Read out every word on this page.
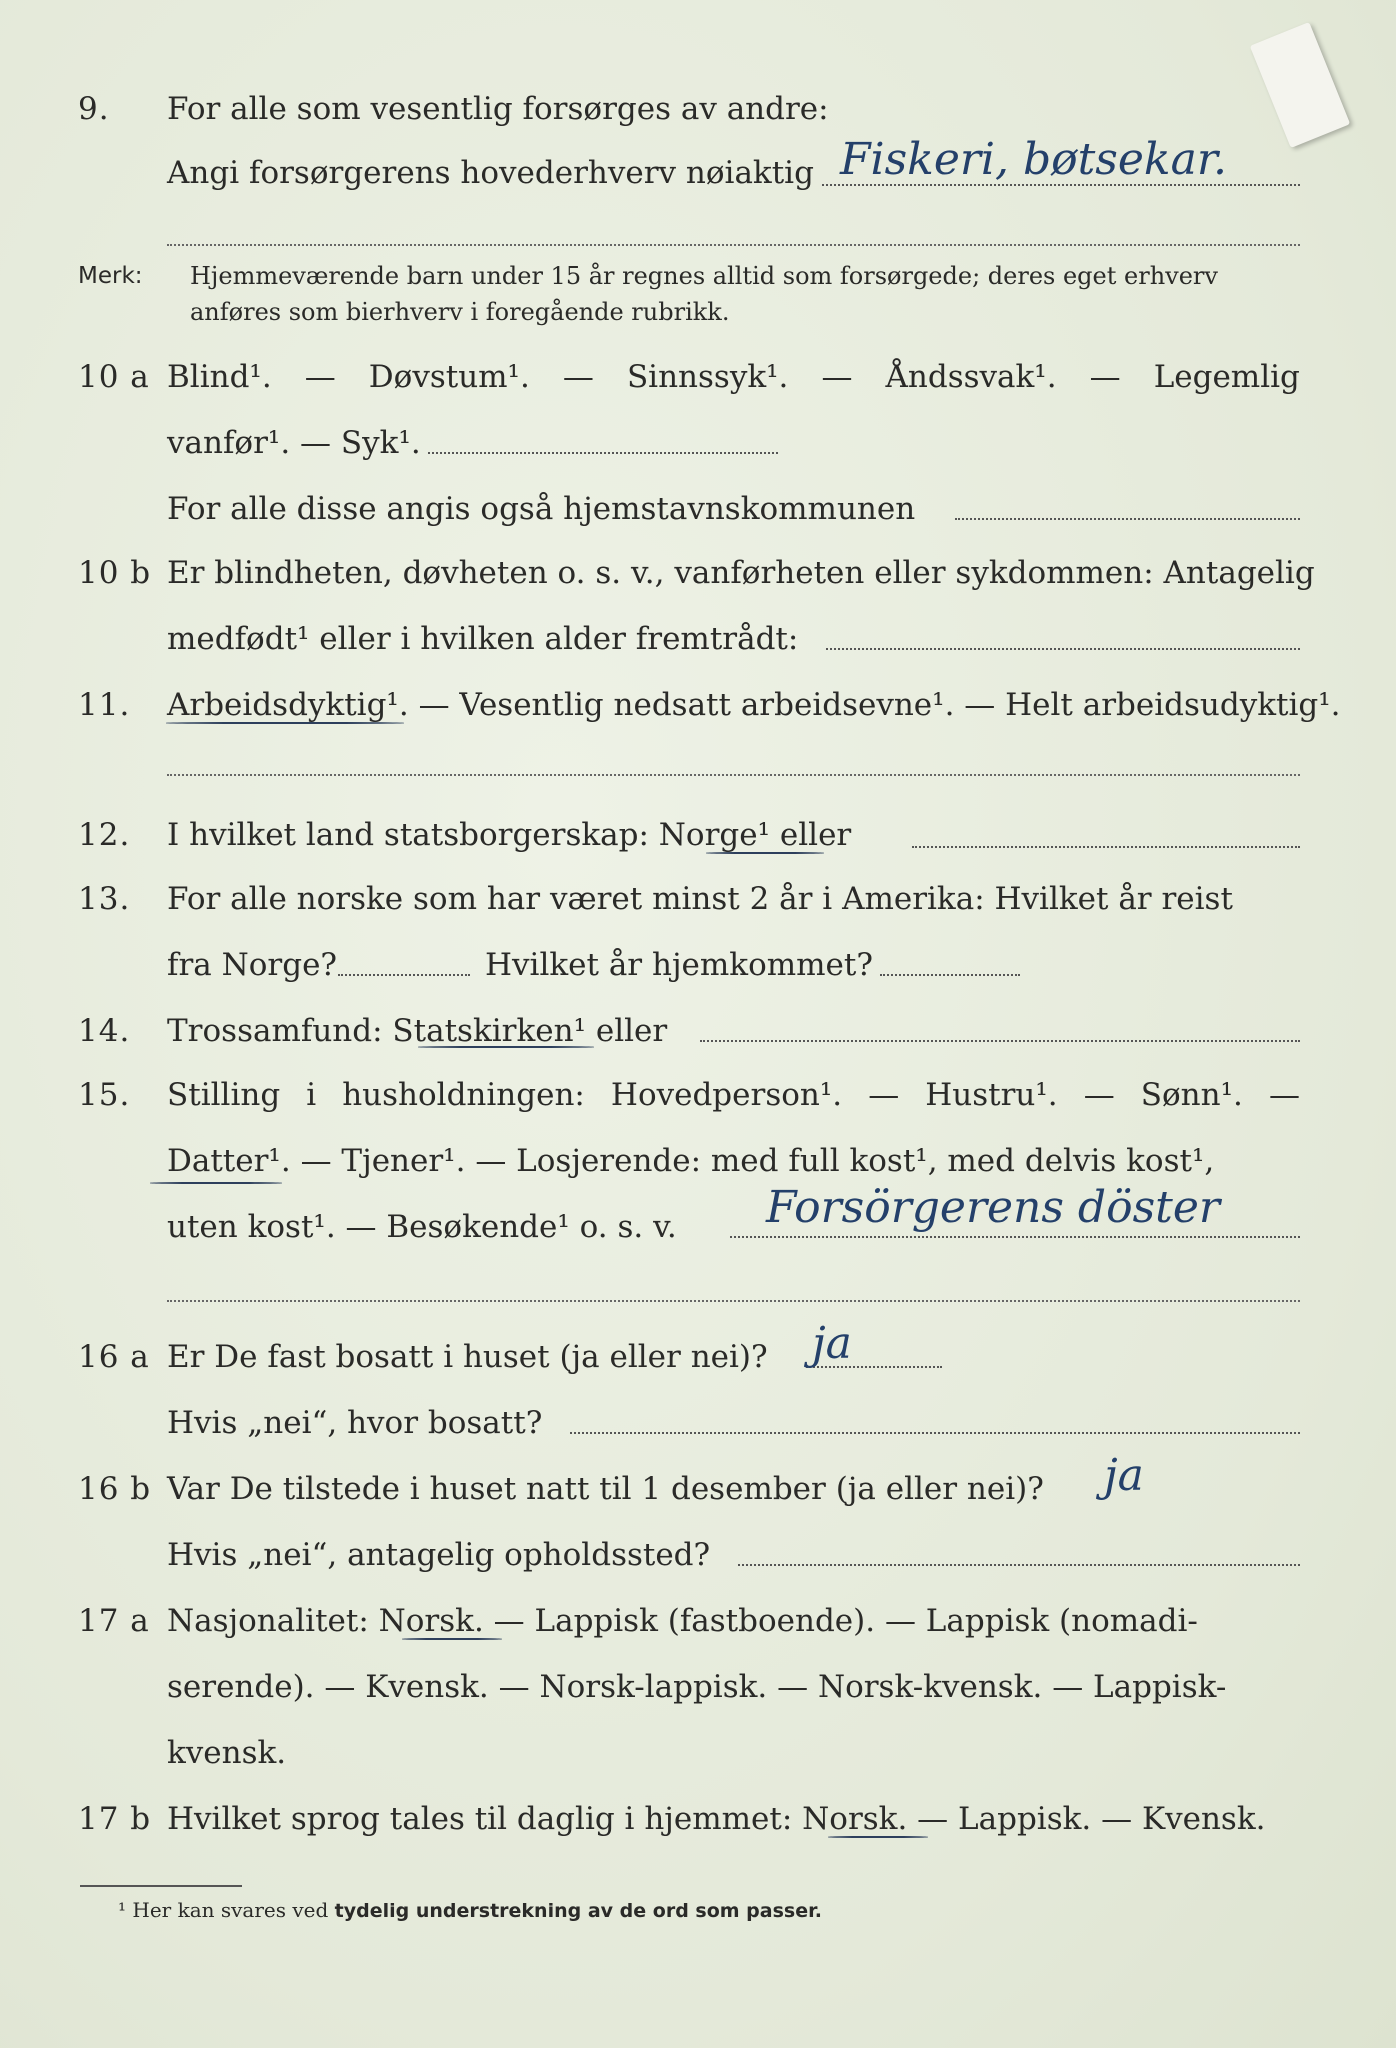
9. For alle som vesentlig forsørges av andre:
Angi forsørgerens hovederhverv nøiaktig Fiskeri, bøtsekar.
Merk: Hjemmeværende barn under 15 år regnes alltid som forsørgede; deres eget erhverv anføres som bierhverv i foregående rubrikk.
10 a Blind¹. — Døvstum¹. — Sinnssyk¹. — Åndssvak¹. — Legemlig
vanfør¹. — Syk¹.
For alle disse angis også hjemstavnskommunen
10 b Er blindheten, døvheten o. s. v., vanførheten eller sykdommen: Antagelig
medfødt¹ eller i hvilken alder fremtrådt:
11. Arbeidsdyktig¹. — Vesentlig nedsatt arbeidsevne¹. — Helt arbeidsudyktig¹.
12. I hvilket land statsborgerskap: Norge¹ eller
13. For alle norske som har været minst 2 år i Amerika: Hvilket år reist
fra Norge?	Hvilket år hjemkommet?
14. Trossamfund: Statskirken¹ eller
15. Stilling i husholdningen: Hovedperson¹. — Hustru¹. — Sønn¹. —
Datter¹. — Tjener¹. — Losjerende: med full kost¹, med delvis kost¹,
uten kost¹. — Besøkende¹ o. s. v.	Forsörgerens döster
16 a Er De fast bosatt i huset (ja eller nei)?	ja
Hvis „nei“, hvor bosatt?
16 b Var De tilstede i huset natt til 1 desember (ja eller nei)?	ja
Hvis „nei“, antagelig opholdssted?
17 a Nasjonalitet: Norsk. — Lappisk (fastboende). — Lappisk (nomadi-
serende). — Kvensk. — Norsk-lappisk. — Norsk-kvensk. — Lappisk-
kvensk.
17 b Hvilket sprog tales til daglig i hjemmet: Norsk. — Lappisk. — Kvensk.
¹ Her kan svares ved tydelig understrekning av de ord som passer.
